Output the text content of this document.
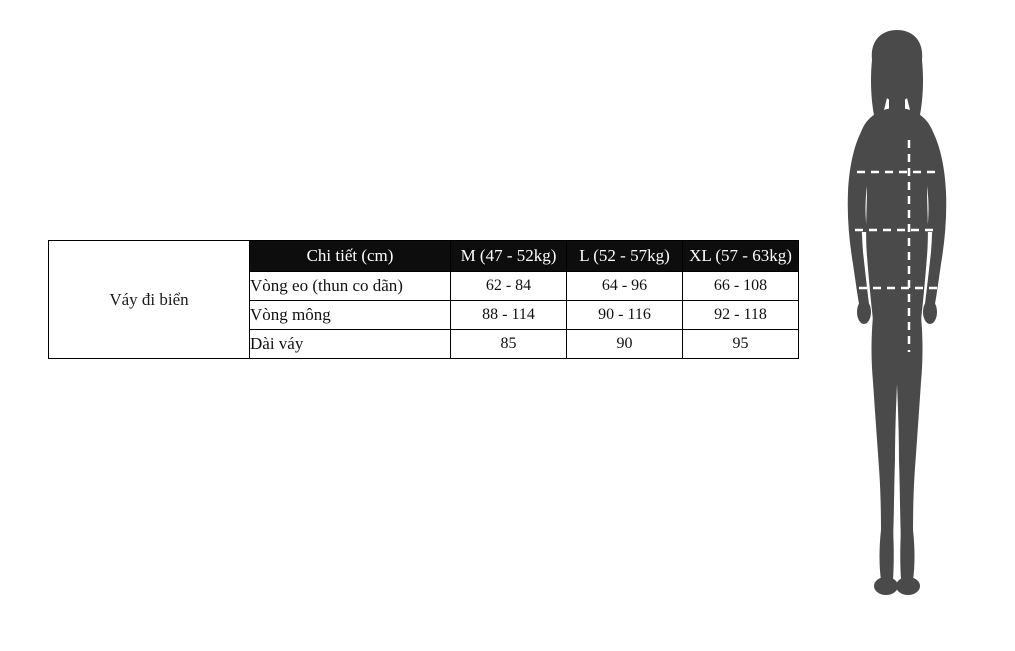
Váy đi biển	Chi tiết (cm)	M (47 - 52kg)	L (52 - 57kg)	XL (57 - 63kg)
	Vòng eo (thun co dãn)	62 - 84	64 - 96	66 - 108
	Vòng mông	88 - 114	90 - 116	92 - 118
	Dài váy	85	90	95
